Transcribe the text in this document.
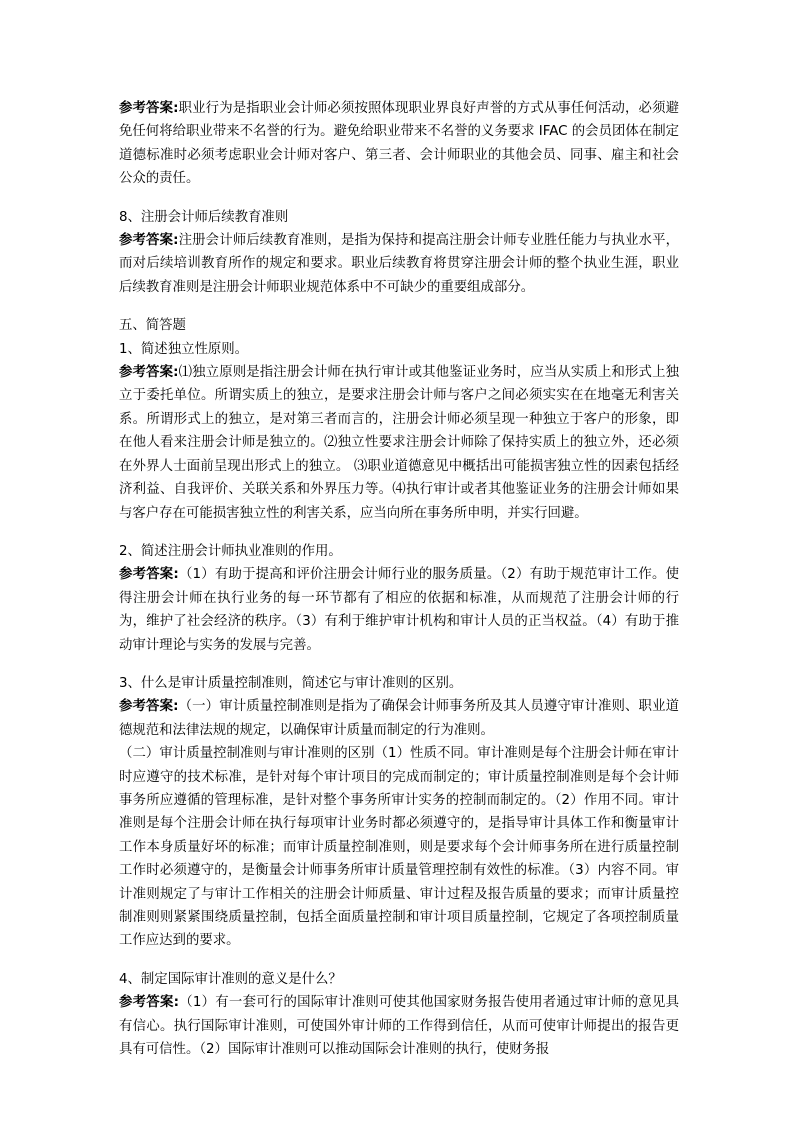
参考答案:职业行为是指职业会计师必须按照体现职业界良好声誉的方式从事任何活动，必须避免任何将给职业带来不名誉的行为。避免给职业带来不名誉的义务要求 IFAC 的会员团体在制定道德标准时必须考虑职业会计师对客户、第三者、会计师职业的其他会员、同事、雇主和社会公众的责任。

8、注册会计师后续教育准则

参考答案:注册会计师后续教育准则，是指为保持和提高注册会计师专业胜任能力与执业水平，而对后续培训教育所作的规定和要求。职业后续教育将贯穿注册会计师的整个执业生涯，职业后续教育准则是注册会计师职业规范体系中不可缺少的重要组成部分。

五、简答题

1、简述独立性原则。

参考答案:⑴独立原则是指注册会计师在执行审计或其他鉴证业务时，应当从实质上和形式上独立于委托单位。所谓实质上的独立，是要求注册会计师与客户之间必须实实在在地毫无利害关系。所谓形式上的独立，是对第三者而言的，注册会计师必须呈现一种独立于客户的形象，即在他人看来注册会计师是独立的。⑵独立性要求注册会计师除了保持实质上的独立外，还必须在外界人士面前呈现出形式上的独立。 ⑶职业道德意见中概括出可能损害独立性的因素包括经济利益、自我评价、关联关系和外界压力等。⑷执行审计或者其他鉴证业务的注册会计师如果与客户存在可能损害独立性的利害关系，应当向所在事务所申明，并实行回避。

2、简述注册会计师执业准则的作用。

参考答案:（1）有助于提高和评价注册会计师行业的服务质量。（2）有助于规范审计工作。使得注册会计师在执行业务的每一环节都有了相应的依据和标准，从而规范了注册会计师的行为，维护了社会经济的秩序。（3）有利于维护审计机构和审计人员的正当权益。（4）有助于推动审计理论与实务的发展与完善。

3、什么是审计质量控制准则，简述它与审计准则的区别。

参考答案:（一）审计质量控制准则是指为了确保会计师事务所及其人员遵守审计准则、职业道德规范和法律法规的规定，以确保审计质量而制定的行为准则。

（二）审计质量控制准则与审计准则的区别（1）性质不同。审计准则是每个注册会计师在审计时应遵守的技术标准，是针对每个审计项目的完成而制定的；审计质量控制准则是每个会计师事务所应遵循的管理标准，是针对整个事务所审计实务的控制而制定的。（2）作用不同。审计准则是每个注册会计师在执行每项审计业务时都必须遵守的，是指导审计具体工作和衡量审计工作本身质量好坏的标准；而审计质量控制准则，则是要求每个会计师事务所在进行质量控制工作时必须遵守的，是衡量会计师事务所审计质量管理控制有效性的标准。（3）内容不同。审计准则规定了与审计工作相关的注册会计师质量、审计过程及报告质量的要求；而审计质量控制准则则紧紧围绕质量控制，包括全面质量控制和审计项目质量控制，它规定了各项控制质量工作应达到的要求。

4、制定国际审计准则的意义是什么？

参考答案:（1）有一套可行的国际审计准则可使其他国家财务报告使用者通过审计师的意见具有信心。执行国际审计准则，可使国外审计师的工作得到信任，从而可使审计师提出的报告更具有可信性。（2）国际审计准则可以推动国际会计准则的执行，使财务报
